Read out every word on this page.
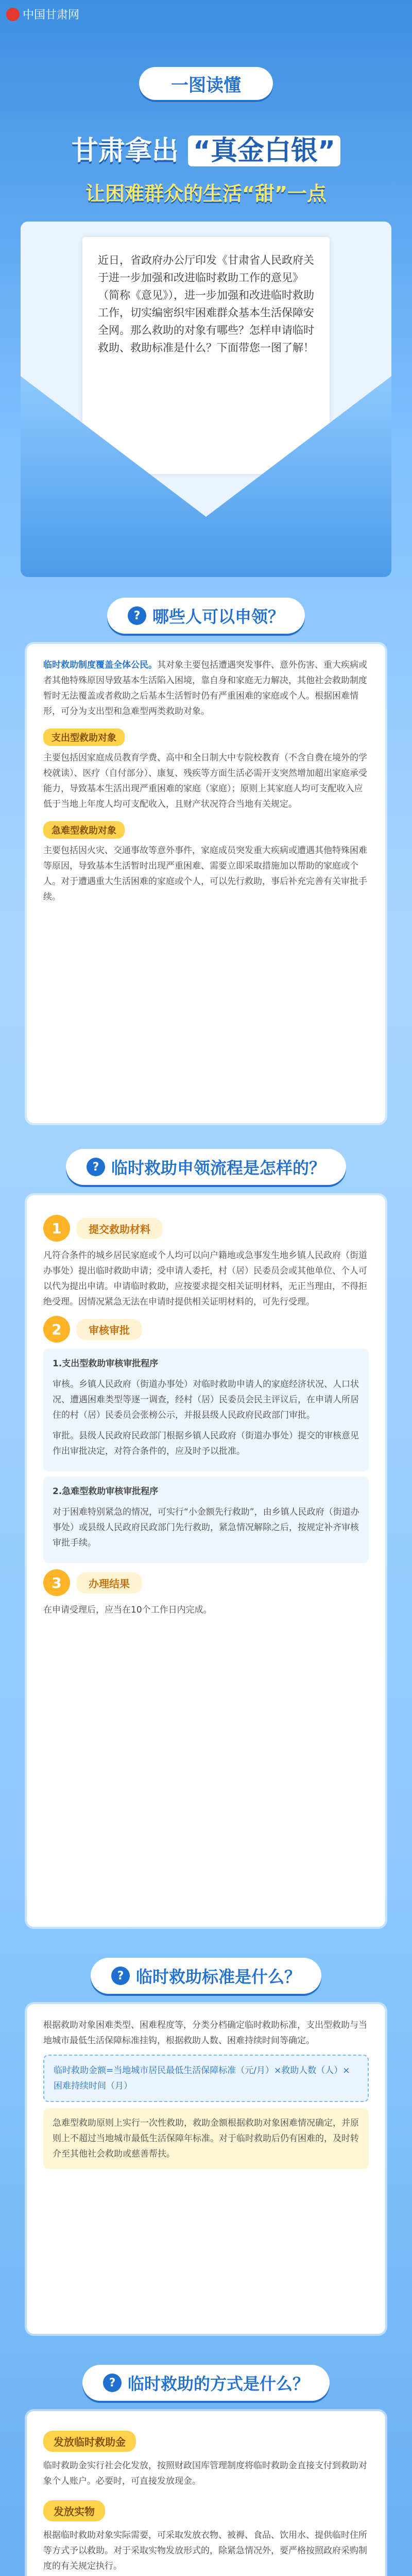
中国甘肃网
一图读懂
甘肃拿出 “真金白银”
让困难群众的生活“甜”一点
近日，省政府办公厅印发《甘肃省人民政府关于进一步加强和改进临时救助工作的意见》（简称《意见》），进一步加强和改进临时救助工作，切实编密织牢困难群众基本生活保障安全网。那么救助的对象有哪些？怎样申请临时救助、救助标准是什么？下面带您一图了解！
? 哪些人可以申领？

临时救助制度覆盖全体公民。其对象主要包括遭遇突发事件、意外伤害、重大疾病或者其他特殊原因导致基本生活陷入困境，靠自身和家庭无力解决，其他社会救助制度暂时无法覆盖或者救助之后基本生活暂时仍有严重困难的家庭或个人。根据困难情形，可分为支出型和急难型两类救助对象。

支出型救助对象

主要包括因家庭成员教育学费、高中和全日制大中专院校教育（不含自费在境外的学校就读）、医疗（自付部分）、康复、残疾等方面生活必需开支突然增加超出家庭承受能力，导致基本生活出现严重困难的家庭（家庭）；原则上其家庭人均可支配收入应低于当地上年度人均可支配收入，且财产状况符合当地有关规定。

急难型救助对象

主要包括因火灾、交通事故等意外事件，家庭成员突发重大疾病或遭遇其他特殊困难等原因，导致基本生活暂时出现严重困难、需要立即采取措施加以帮助的家庭或个人。对于遭遇重大生活困难的家庭或个人，可以先行救助，事后补充完善有关审批手续。

? 临时救助申领流程是怎样的？
1	提交救助材料

凡符合条件的城乡居民家庭或个人均可以向户籍地或急事发生地乡镇人民政府（街道办事处）提出临时救助申请；受申请人委托，村（居）民委员会或其他单位、个人可以代为提出申请。申请临时救助，应按要求提交相关证明材料，无正当理由，不得拒绝受理。因情况紧急无法在申请时提供相关证明材料的，可先行受理。

2	审核审批

1.支出型救助审核审批程序

审核。乡镇人民政府（街道办事处）对临时救助申请人的家庭经济状况、人口状况、遭遇困难类型等逐一调查，经村（居）民委员会民主评议后，在申请人所居住的村（居）民委员会张榜公示，并报县级人民政府民政部门审批。

审批。县级人民政府民政部门根据乡镇人民政府（街道办事处）提交的审核意见作出审批决定，对符合条件的，应及时予以批准。

2.急难型救助审核审批程序

对于困难特别紧急的情况，可实行“小金额先行救助”，由乡镇人民政府（街道办事处）或县级人民政府民政部门先行救助，紧急情况解除之后，按规定补齐审核审批手续。

3	办理结果

在申请受理后，应当在10个工作日内完成。

? 临时救助标准是什么？

根据救助对象困难类型、困难程度等，分类分档确定临时救助标准，支出型救助与当地城市最低生活保障标准挂钩，根据救助人数、困难持续时间等确定。

临时救助金额=当地城市居民最低生活保障标准（元/月）×救助人数（人）×困难持续时间（月）
急难型救助原则上实行一次性救助，救助金额根据救助对象困难情况确定，并原则上不超过当地城市最低生活保障年标准。对于临时救助后仍有困难的，及时转介至其他社会救助或慈善帮扶。
? 临时救助的方式是什么？
发放临时救助金

临时救助金实行社会化发放，按照财政国库管理制度将临时救助金直接支付到救助对象个人账户。必要时，可直接发放现金。

发放实物

根据临时救助对象实际需要，可采取发放衣物、被褥、食品、饮用水、提供临时住所等方式予以救助。对于采取实物发放形式的，除紧急情况外，要严格按照政府采购制度的有关规定执行。
